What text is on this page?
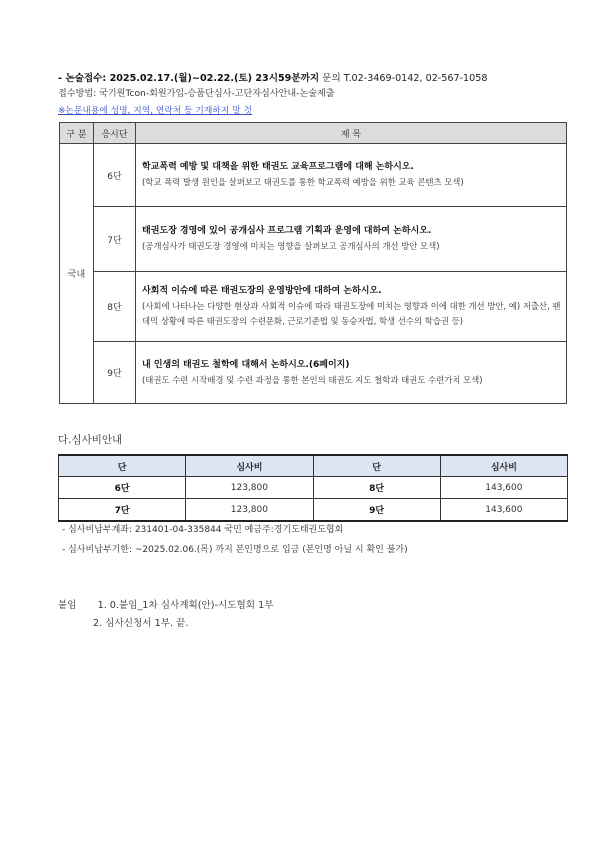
- 논술접수: 2025.02.17.(월)~02.22.(토) 23시59분까지 문의 T.02-3469-0142, 02-567-1058
접수방법: 국기원Tcon-회원가입-승품단심사-고단자심사안내-논술제출
※논문내용에 성명, 지역, 연락처 등 기재하지 말 것
구 분	응시단	제 목
국내	6단	학교폭력 예방 및 대책을 위한 태권도 교육프로그램에 대해 논하시오.
(학교 폭력 발생 원인을 살펴보고 태권도를 통한 학교폭력 예방을 위한 교육 콘텐츠 모색)

	7단	태권도장 경영에 있어 공개심사 프로그램 기획과 운영에 대하여 논하시오.
(공개심사가 태권도장 경영에 미치는 영향을 살펴보고 공개심사의 개선 방안 모색)

	8단	사회적 이슈에 따른 태권도장의 운영방안에 대하여 논하시오.
(사회에 나타나는 다양한 현상과 사회적 이슈에 따라 태권도장에 미치는 영향과 이에 대한 개선 방안, 예) 저출산, 팬데믹 상황에 따른 태권도장의 수련문화, 근로기준법 및 동승자법, 학생 선수의 학습권 등)

	9단	내 인생의 태권도 철학에 대해서 논하시오.(6페이지)
(태권도 수련 시작배경 및 수련 과정을 통한 본인의 태권도 지도 철학과 태권도 수련가치 모색)
다.심사비안내
단	심사비	단	심사비
6단	123,800	8단	143,600
7단	123,800	9단	143,600
- 심사비납부계좌: 231401-04-335844 국민 예금주:경기도태권도협회
- 심사비납부기한: ~2025.02.06.(목) 까지 본인명으로 입금 (본인명 아닐 시 확인 불가)
붙임 1. 0.붙임_1차 심사계획(안)-시도협회 1부
2. 심사신청서 1부. 끝.
